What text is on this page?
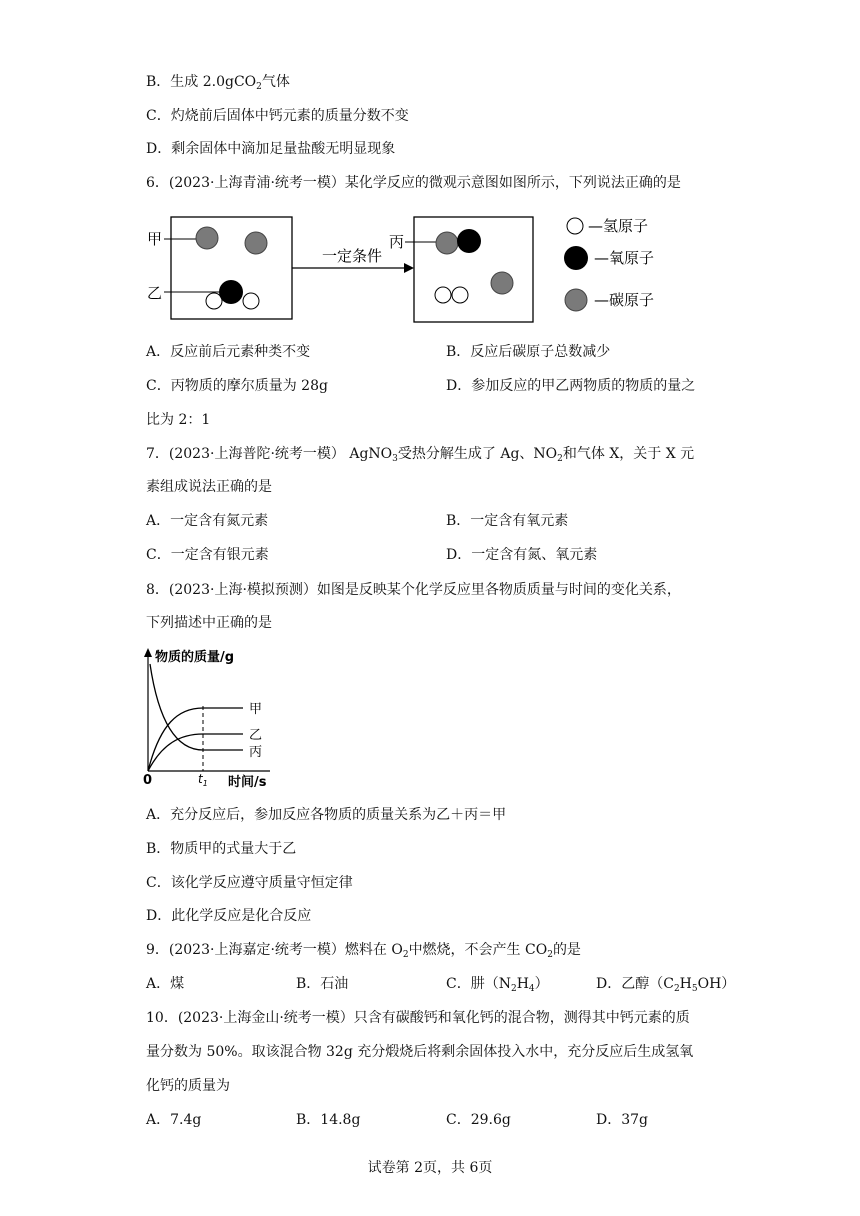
B．生成 2.0gCO$_2$气体
C．灼烧前后固体中钙元素的质量分数不变
D．剩余固体中滴加足量盐酸无明显现象
6．(2023·上海青浦·统考一模）某化学反应的微观示意图如图所示，下列说法正确的是
甲
乙
一定条件
丙
—氢原子
—氧原子
—碳原子
A．反应前后元素种类不变	B．反应后碳原子总数减少
C．丙物质的摩尔质量为 28g	D．参加反应的甲乙两物质的物质的量之
比为 2：1
7．(2023·上海普陀·统考一模） AgNO$_3$受热分解生成了 Ag、$NO_2$和气体 X，关于 X 元
素组成说法正确的是
A．一定含有氮元素	B．一定含有氧元素
C．一定含有银元素	D．一定含有氮、氧元素
8．(2023·上海·模拟预测）如图是反映某个化学反应里各物质质量与时间的变化关系，
下列描述中正确的是
物质的质量/g
时间/s
0	$t_1$
甲
乙
丙
A．充分反应后，参加反应各物质的质量关系为乙＋丙＝甲
B．物质甲的式量大于乙
C．该化学反应遵守质量守恒定律
D．此化学反应是化合反应
9．(2023·上海嘉定·统考一模）燃料在 $O_2$中燃烧，不会产生 $CO_2$的是
A．煤	B．石油	C．肼$(N_2H_4)$	D．乙醇$(C_2H_5OH)$
10．(2023·上海金山·统考一模）只含有碳酸钙和氧化钙的混合物，测得其中钙元素的质
量分数为 50%。取该混合物 32g 充分煅烧后将剩余固体投入水中，充分反应后生成氢氧
化钙的质量为
A．7.4g	B．14.8g	C．29.6g	D．37g
试卷第 2页，共 6页
